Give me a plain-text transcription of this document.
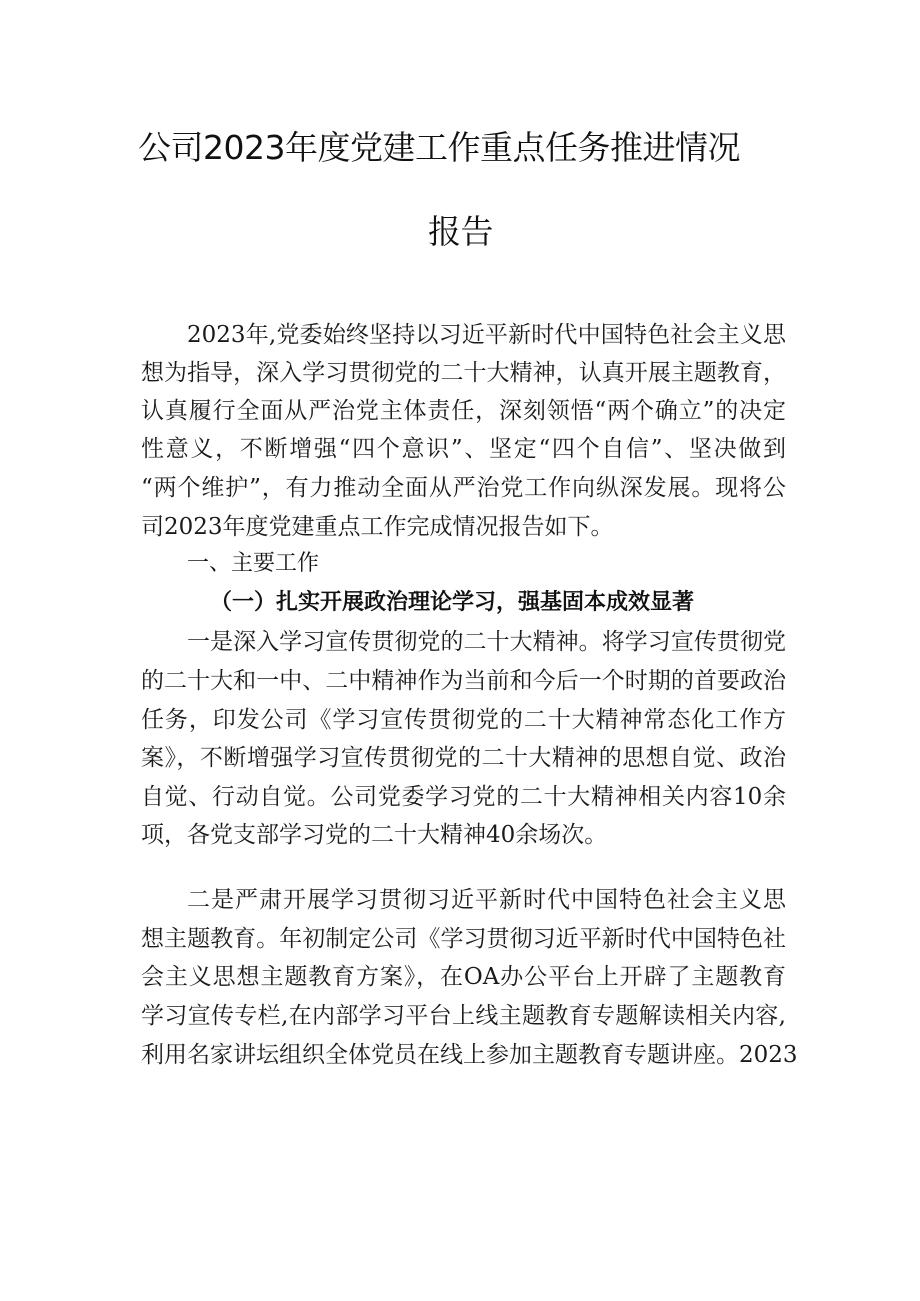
公司2023年度党建工作重点任务推进情况
报告
2023年,党委始终坚持以习近平新时代中国特色社会主义思
想为指导，深入学习贯彻党的二十大精神，认真开展主题教育，
认真履行全面从严治党主体责任，深刻领悟“两个确立”的决定
性意义，不断增强“四个意识”、坚定“四个自信”、坚决做到
“两个维护”，有力推动全面从严治党工作向纵深发展。现将公
司2023年度党建重点工作完成情况报告如下。
一、主要工作
（一）扎实开展政治理论学习，强基固本成效显著
一是深入学习宣传贯彻党的二十大精神。将学习宣传贯彻党
的二十大和一中、二中精神作为当前和今后一个时期的首要政治
任务，印发公司《学习宣传贯彻党的二十大精神常态化工作方
案》，不断增强学习宣传贯彻党的二十大精神的思想自觉、政治
自觉、行动自觉。公司党委学习党的二十大精神相关内容10余
项，各党支部学习党的二十大精神40余场次。
二是严肃开展学习贯彻习近平新时代中国特色社会主义思
想主题教育。年初制定公司《学习贯彻习近平新时代中国特色社
会主义思想主题教育方案》，在OA办公平台上开辟了主题教育
学习宣传专栏,在内部学习平台上线主题教育专题解读相关内容,
利用名家讲坛组织全体党员在线上参加主题教育专题讲座。2023
